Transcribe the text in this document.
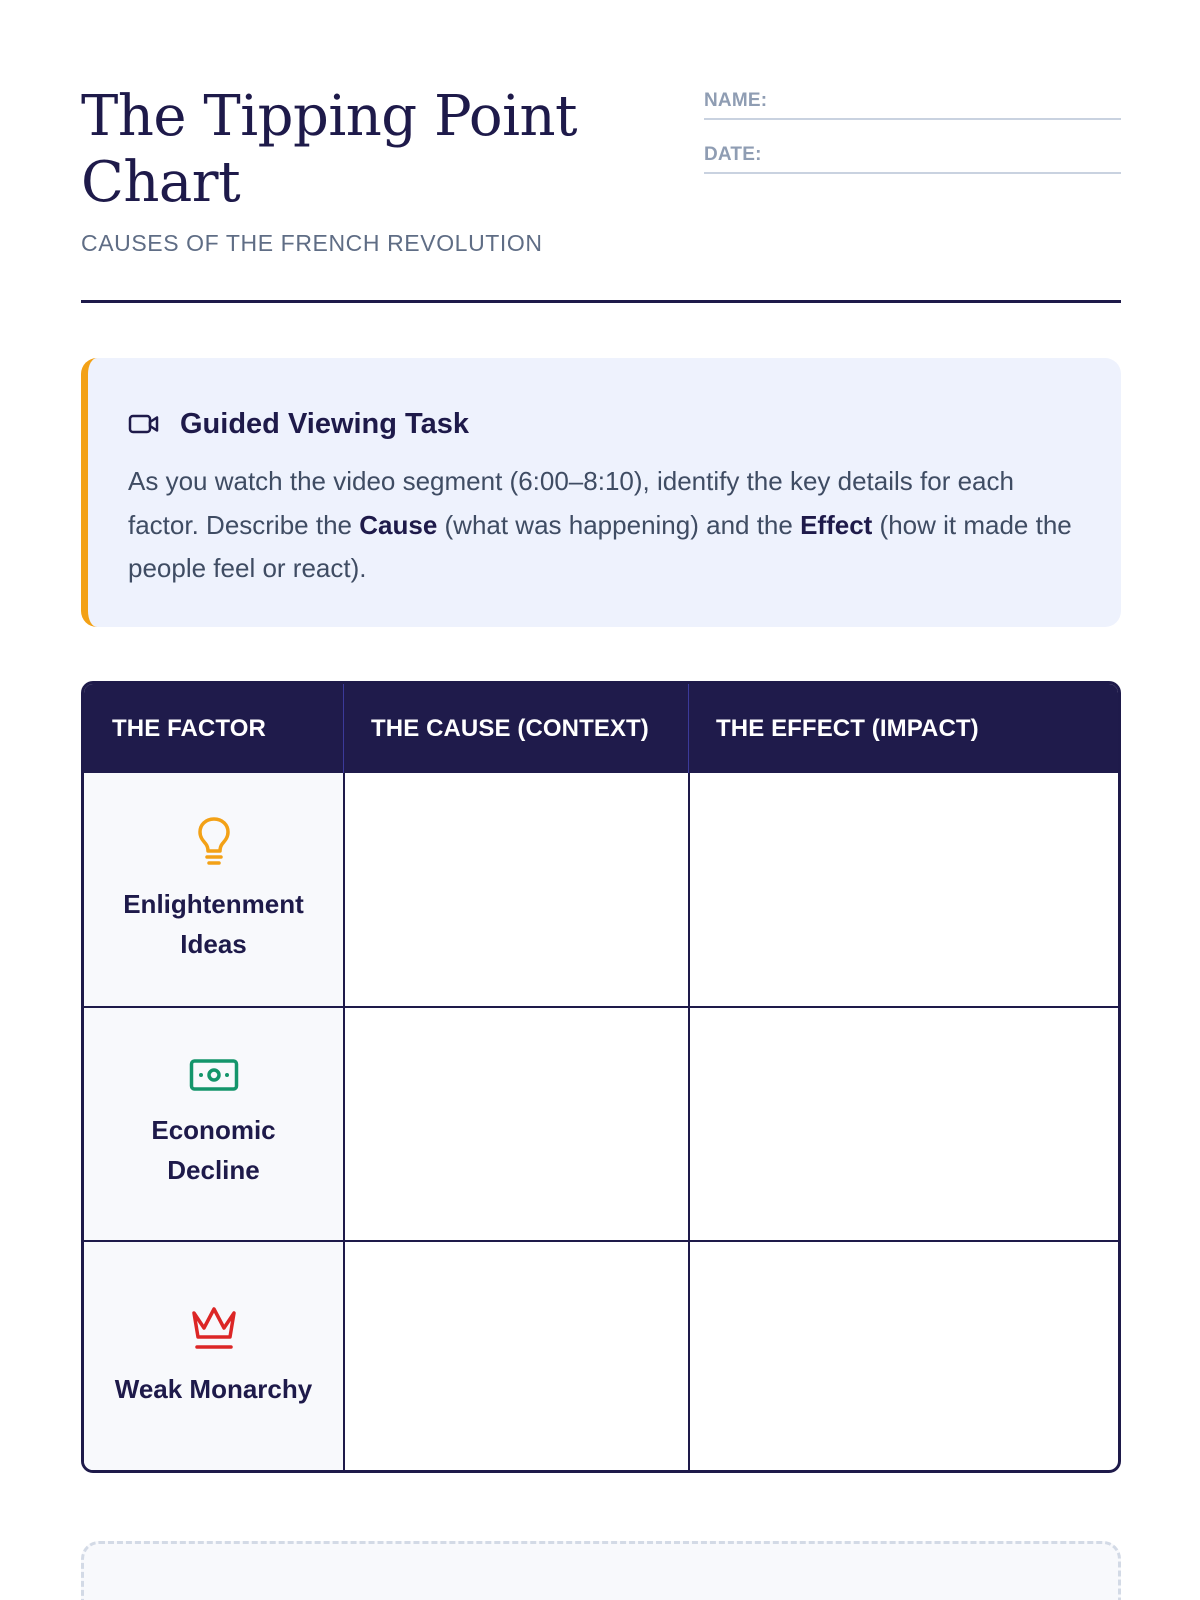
The Tipping Point Chart
CAUSES OF THE FRENCH REVOLUTION
NAME:
DATE:
Guided Viewing Task

As you watch the video segment (6:00–8:10), identify the key details for each factor. Describe the Cause (what was happening) and the Effect (how it made the people feel or react).

THE FACTOR	THE CAUSE (CONTEXT)	THE EFFECT (IMPACT)
Enlightenment Ideas
Economic Decline
Weak Monarchy
